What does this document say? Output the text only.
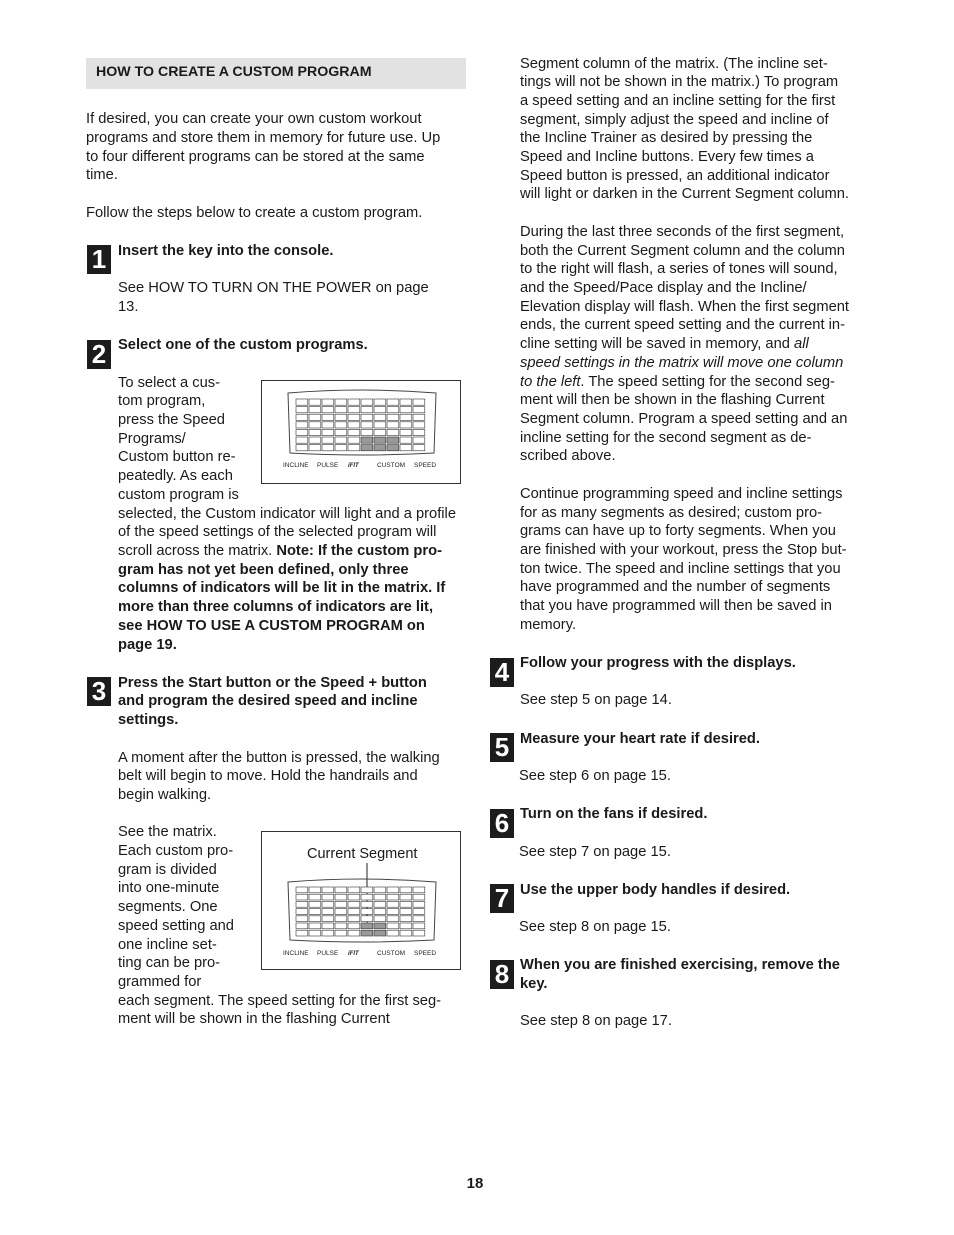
HOW TO CREATE A CUSTOM PROGRAM

If desired, you can create your own custom workout

programs and store them in memory for future use. Up

to four different programs can be stored at the same

time.

Follow the steps below to create a custom program.

1 Insert the key into the console.

See HOW TO TURN ON THE POWER on page

13.

2 Select one of the custom programs.

To select a cus-

tom program,

press the Speed

Programs/

Custom button re-

peatedly. As each

custom program is

selected, the Custom indicator will light and a profile

of the speed settings of the selected program will

scroll across the matrix. Note: If the custom pro-

gram has not yet been defined, only three

columns of indicators will be lit in the matrix. If

more than three columns of indicators are lit,

see HOW TO USE A CUSTOM PROGRAM on

page 19.

INCLINE PULSE iFIT	CUSTOM SPEED
3 Press the Start button or the Speed + button

and program the desired speed and incline

settings.

A moment after the button is pressed, the walking

belt will begin to move. Hold the handrails and

begin walking.

See the matrix.

Each custom pro-

gram is divided

into one-minute

segments. One

speed setting and

one incline set-

ting can be pro-

grammed for

each segment. The speed setting for the first seg-

ment will be shown in the flashing Current

Current Segment
INCLINE PULSE iFIT	CUSTOM SPEED

Segment column of the matrix. (The incline set-

tings will not be shown in the matrix.) To program

a speed setting and an incline setting for the first

segment, simply adjust the speed and incline of

the Incline Trainer as desired by pressing the

Speed and Incline buttons. Every few times a

Speed button is pressed, an additional indicator

will light or darken in the Current Segment column.

During the last three seconds of the first segment,

both the Current Segment column and the column

to the right will flash, a series of tones will sound,

and the Speed/Pace display and the Incline/

Elevation display will flash. When the first segment

ends, the current speed setting and the current in-

cline setting will be saved in memory, and all

speed settings in the matrix will move one column

to the left. The speed setting for the second seg-

ment will then be shown in the flashing Current

Segment column. Program a speed setting and an

incline setting for the second segment as de-

scribed above.

Continue programming speed and incline settings

for as many segments as desired; custom pro-

grams can have up to forty segments. When you

are finished with your workout, press the Stop but-

ton twice. The speed and incline settings that you

have programmed and the number of segments

that you have programmed will then be saved in

memory.

4 Follow your progress with the displays.

See step 5 on page 14.

5 Measure your heart rate if desired.

See step 6 on page 15.

6 Turn on the fans if desired.

See step 7 on page 15.

7 Use the upper body handles if desired.

See step 8 on page 15.

8 When you are finished exercising, remove the

key.

See step 8 on page 17.

18
